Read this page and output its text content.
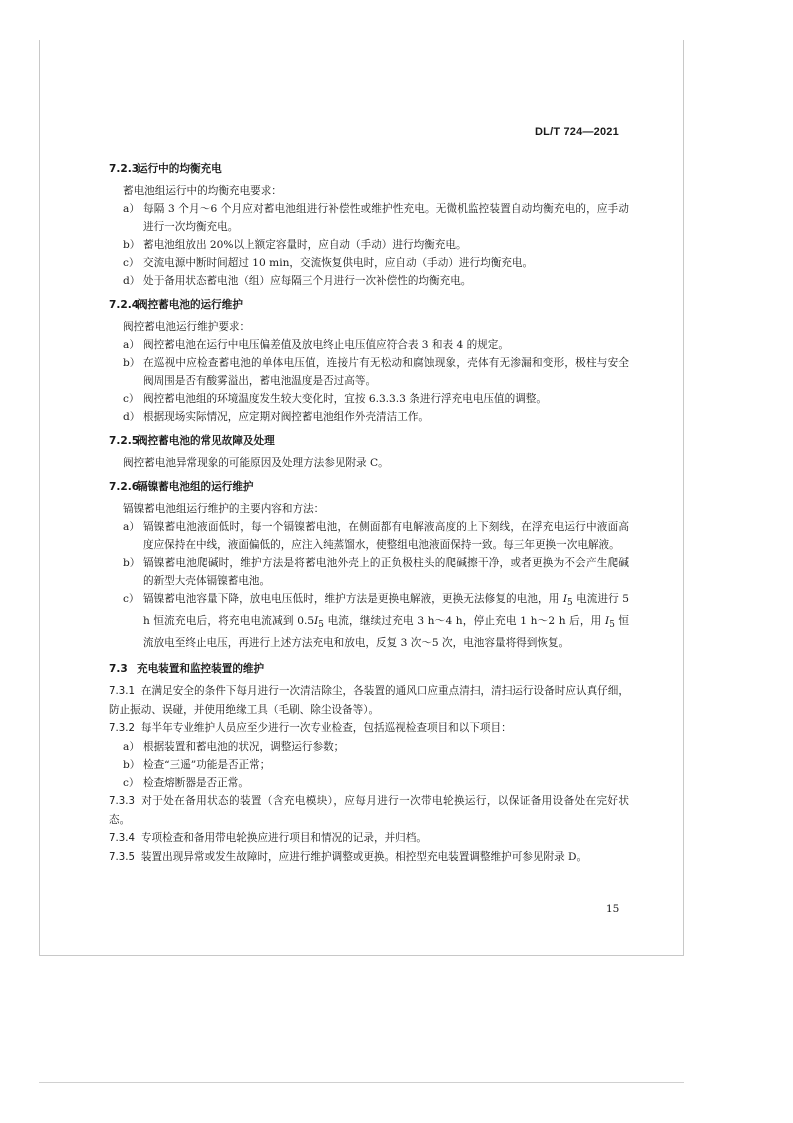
DL/T 724—2021
7.2.3运行中的均衡充电
蓄电池组运行中的均衡充电要求：
a） 每隔 3 个月～6 个月应对蓄电池组进行补偿性或维护性充电。无微机监控装置自动均衡充电的，应手动进行一次均衡充电。
b） 蓄电池组放出 20%以上额定容量时，应自动（手动）进行均衡充电。
c） 交流电源中断时间超过 10 min，交流恢复供电时，应自动（手动）进行均衡充电。
d） 处于备用状态蓄电池（组）应每隔三个月进行一次补偿性的均衡充电。
7.2.4阀控蓄电池的运行维护
阀控蓄电池运行维护要求：
a） 阀控蓄电池在运行中电压偏差值及放电终止电压值应符合表 3 和表 4 的规定。
b） 在巡视中应检查蓄电池的单体电压值，连接片有无松动和腐蚀现象，壳体有无渗漏和变形，极柱与安全阀周围是否有酸雾溢出，蓄电池温度是否过高等。
c） 阀控蓄电池组的环境温度发生较大变化时，宜按 6.3.3.3 条进行浮充电电压值的调整。
d） 根据现场实际情况，应定期对阀控蓄电池组作外壳清洁工作。
7.2.5阀控蓄电池的常见故障及处理
阀控蓄电池异常现象的可能原因及处理方法参见附录 C。
7.2.6镉镍蓄电池组的运行维护
镉镍蓄电池组运行维护的主要内容和方法：
a） 镉镍蓄电池液面低时，每一个镉镍蓄电池，在侧面都有电解液高度的上下刻线，在浮充电运行中液面高度应保持在中线，液面偏低的，应注入纯蒸馏水，使整组电池液面保持一致。每三年更换一次电解液。
b） 镉镍蓄电池爬碱时，维护方法是将蓄电池外壳上的正负极柱头的爬碱擦干净，或者更换为不会产生爬碱的新型大壳体镉镍蓄电池。
c） 镉镍蓄电池容量下降，放电电压低时，维护方法是更换电解液，更换无法修复的电池，用 $I_5$ 电流进行 5 h 恒流充电后，将充电电流减到 $0.5I_5$ 电流，继续过充电 3 h～4 h，停止充电 1 h～2 h 后，用 $I_5$ 恒流放电至终止电压，再进行上述方法充电和放电，反复 3 次～5 次，电池容量将得到恢复。
7.3 充电装置和监控装置的维护
7.3.1 在满足安全的条件下每月进行一次清洁除尘，各装置的通风口应重点清扫，清扫运行设备时应认真仔细，防止振动、误碰，并使用绝缘工具（毛刷、除尘设备等）。
7.3.2 每半年专业维护人员应至少进行一次专业检查，包括巡视检查项目和以下项目：
a） 根据装置和蓄电池的状况，调整运行参数；
b） 检查“三遥”功能是否正常；
c） 检查熔断器是否正常。
7.3.3 对于处在备用状态的装置（含充电模块），应每月进行一次带电轮换运行，以保证备用设备处在完好状态。
7.3.4 专项检查和备用带电轮换应进行项目和情况的记录，并归档。
7.3.5 装置出现异常或发生故障时，应进行维护调整或更换。相控型充电装置调整维护可参见附录 D。
15
